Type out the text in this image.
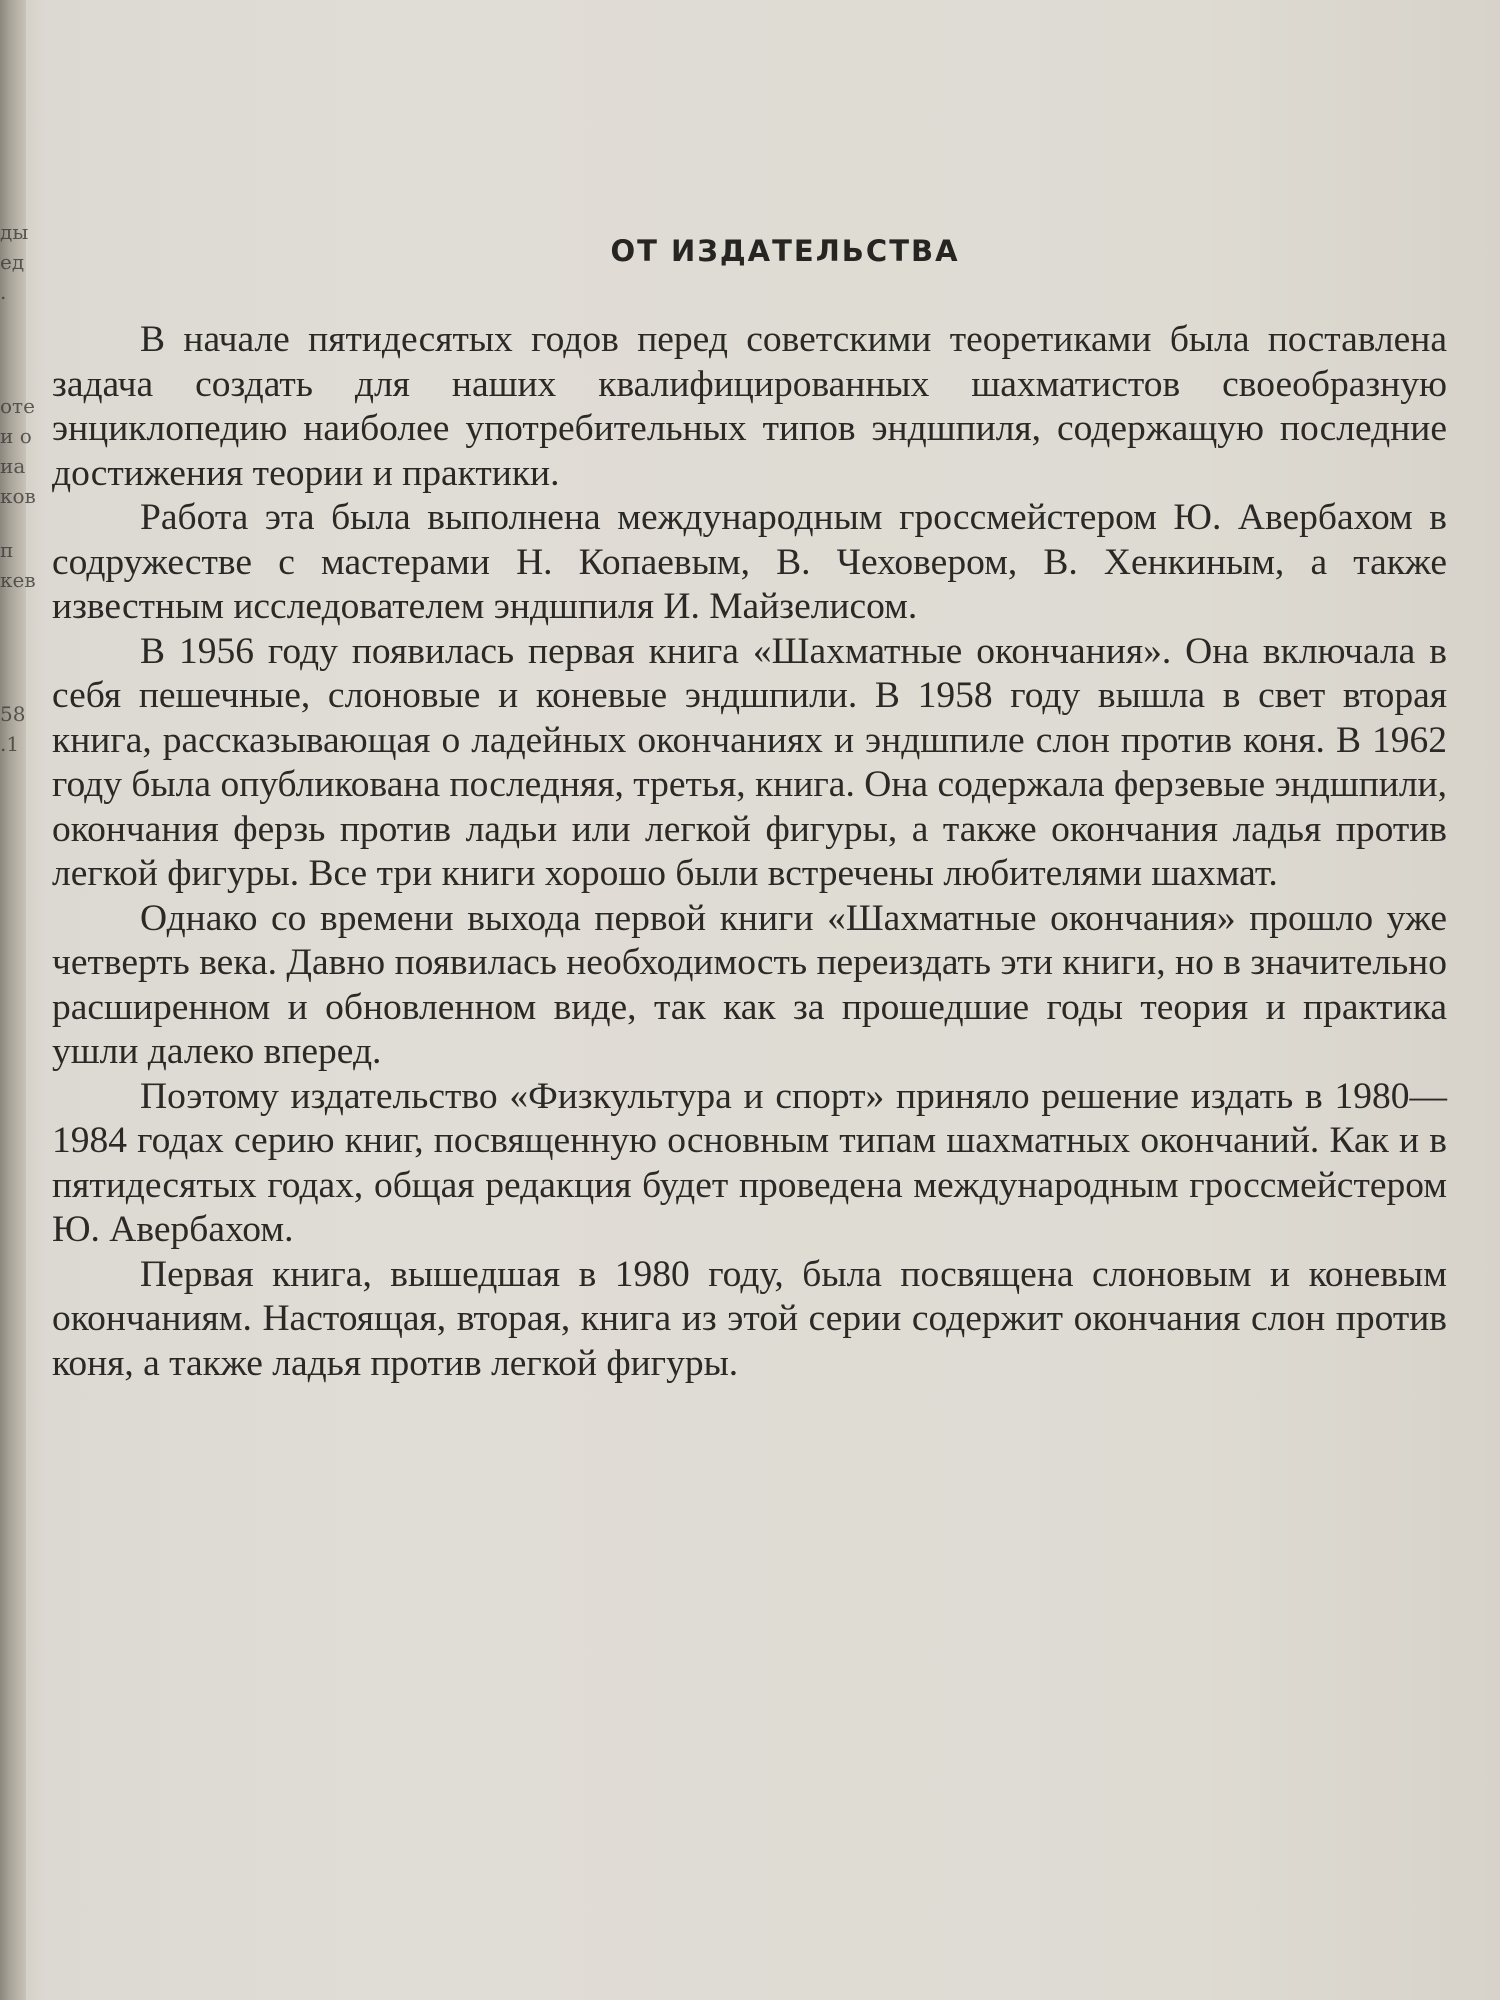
ды
ед
.
оте
и о
иа
ков
п
кев
58
.1
ОТ ИЗДАТЕЛЬСТВА

В начале пятидесятых годов перед советскими теоретиками была поставлена задача создать для наших квалифицированных шахматистов своеобразную энциклопедию наиболее употребительных типов эндшпиля, содержащую последние достижения теории и практики.

Работа эта была выполнена международным гроссмейстером Ю. Авербахом в содружестве с мастерами Н. Копаевым, В. Чеховером, В. Хенкиным, а также известным исследователем эндшпиля И. Майзелисом.

В 1956 году появилась первая книга «Шахматные окончания». Она включала в себя пешечные, слоновые и коневые эндшпили. В 1958 году вышла в свет вторая книга, рассказывающая о ладейных окончаниях и эндшпиле слон против коня. В 1962 году была опубликована последняя, третья, книга. Она содержала ферзевые эндшпили, окончания ферзь против ладьи или легкой фигуры, а также окончания ладья против легкой фигуры. Все три книги хорошо были встречены любителями шахмат.

Однако со времени выхода первой книги «Шахматные окончания» прошло уже четверть века. Давно появилась необходимость переиздать эти книги, но в значительно расширенном и обновленном виде, так как за прошедшие годы теория и практика ушли далеко вперед.

Поэтому издательство «Физкультура и спорт» приняло решение издать в 1980—1984 годах серию книг, посвященную основным типам шахматных окончаний. Как и в пятидесятых годах, общая редакция будет проведена международным гроссмейстером Ю. Авербахом.

Первая книга, вышедшая в 1980 году, была посвящена слоновым и коневым окончаниям. Настоящая, вторая, книга из этой серии содержит окончания слон против коня, а также ладья против легкой фигуры.
